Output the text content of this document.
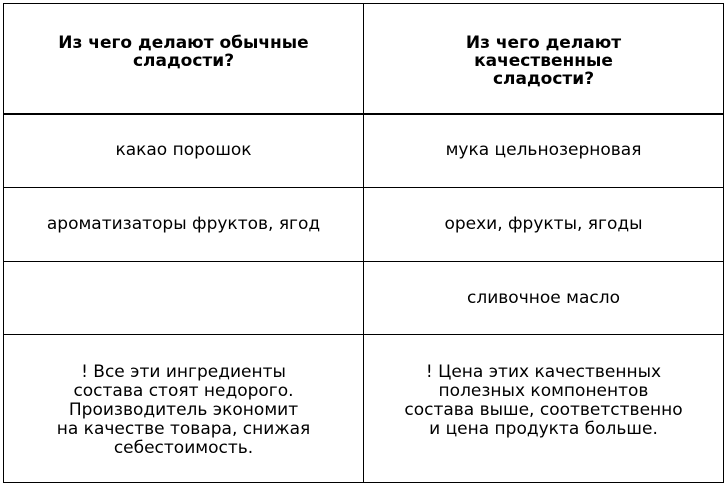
Из чего делают обычные
сладости?
Из чего делают
качественные
сладости?
какао порошок	мука цельнозерновая
ароматизаторы фруктов, ягод	орехи, фрукты, ягоды
сливочное масло
! Все эти ингредиенты
состава стоят недорого.
Производитель экономит
на качестве товара, снижая
себестоимость.
! Цена этих качественных
полезных компонентов
состава выше, соответственно
и цена продукта больше.
